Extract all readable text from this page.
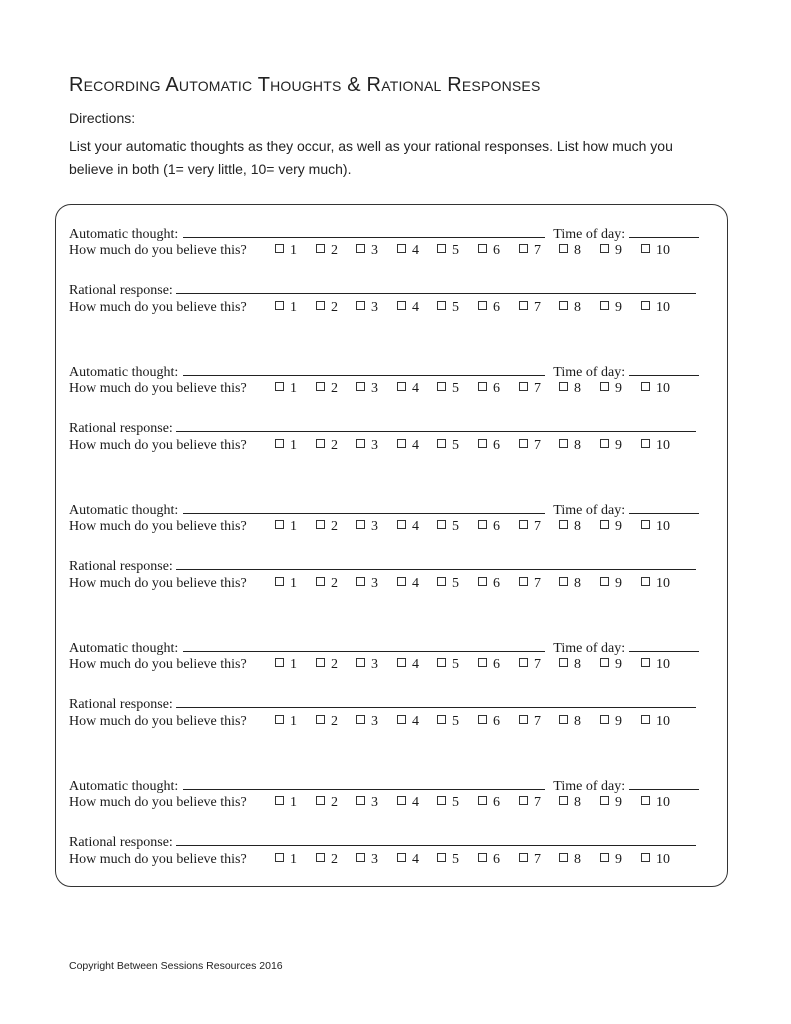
Recording Automatic Thoughts & Rational Responses
Directions:
List your automatic thoughts as they occur, as well as your rational responses. List how much you believe in both (1= very little, 10= very much).
Automatic thought:	Time of day:
How much do you believe this?	1	2	3	4	5	6	7	8	9	10
Rational response:
How much do you believe this?	1	2	3	4	5	6	7	8	9	10
Automatic thought:	Time of day:
How much do you believe this?	1	2	3	4	5	6	7	8	9	10
Rational response:
How much do you believe this?	1	2	3	4	5	6	7	8	9	10
Automatic thought:	Time of day:
How much do you believe this?	1	2	3	4	5	6	7	8	9	10
Rational response:
How much do you believe this?	1	2	3	4	5	6	7	8	9	10
Automatic thought:	Time of day:
How much do you believe this?	1	2	3	4	5	6	7	8	9	10
Rational response:
How much do you believe this?	1	2	3	4	5	6	7	8	9	10
Automatic thought:	Time of day:
How much do you believe this?	1	2	3	4	5	6	7	8	9	10
Rational response:
How much do you believe this?	1	2	3	4	5	6	7	8	9	10
Copyright Between Sessions Resources 2016
